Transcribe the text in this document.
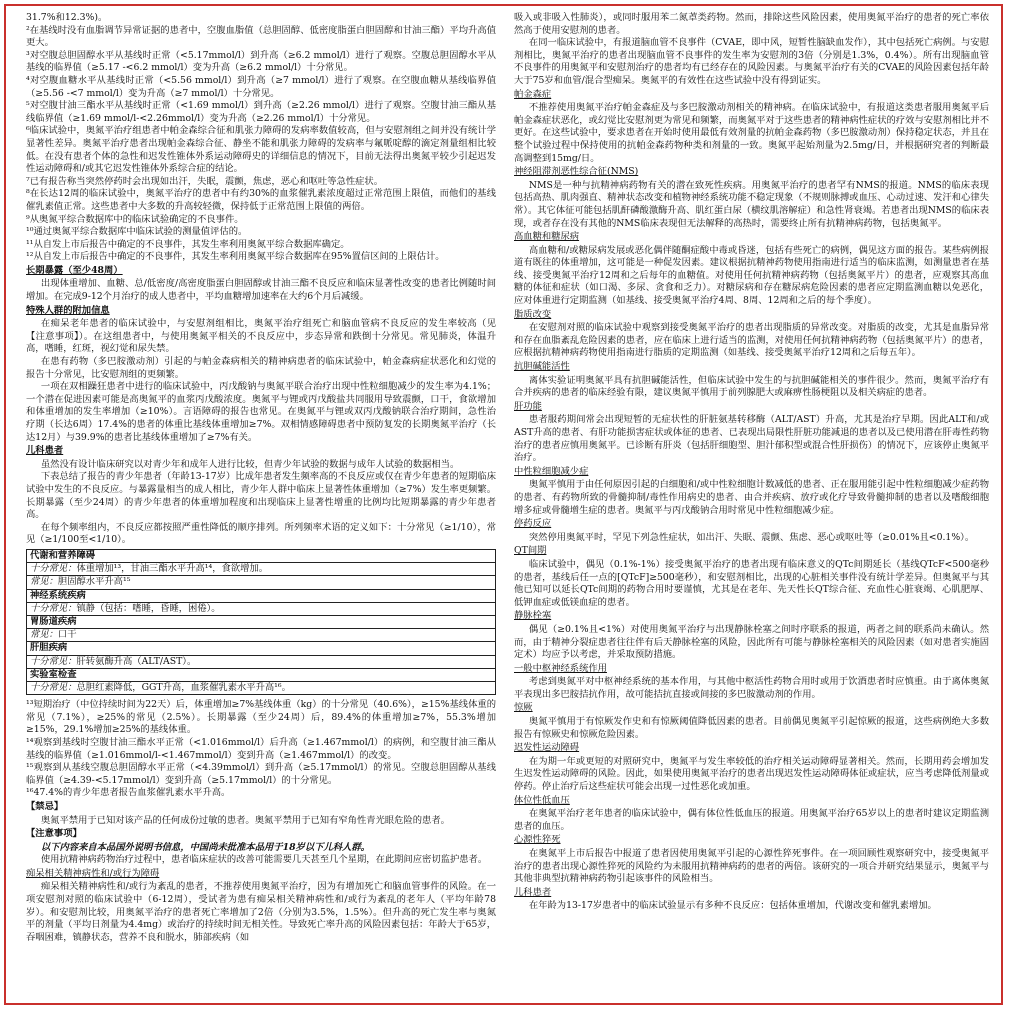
31.7%和12.3%)。

²在基线时没有血脂调节异常证据的患者中，空腹血脂值（总胆固醇、低密度脂蛋白胆固醇和甘油三酯）平均升高值更大。

³对空腹总胆固醇水平从基线时正常（<5.17mmol/l）到升高（≥6.2 mmol/l）进行了观察。空腹总胆固醇水平从基线的临界值（≥5.17 -<6.2 mmol/l）变为升高（≥6.2 mmol/l）十分常见。

⁴对空腹血糖水平从基线时正常（<5.56 mmol/l）到升高（≥7 mmol/l）进行了观察。在空腹血糖从基线临界值（≥5.56 -<7 mmol/l）变为升高（≥7 mmol/l）十分常见。

⁵对空腹甘油三酯水平从基线时正常（<1.69 mmol/l）到升高（≥2.26 mmol/l）进行了观察。空腹甘油三酯从基线临界值（≥1.69 mmol/l-<2.26mmol/l）变为升高（≥2.26 mmol/l）十分常见。

⁶临床试验中，奥氮平治疗组患者中帕金森综合征和肌张力障碍的发病率数值较高，但与安慰剂组之间并没有统计学显著性差异。奥氮平治疗患者出现帕金森综合征、静坐不能和肌张力障碍的发病率与氟哌啶醇的滴定剂量组相比较低。在没有患者个体的急性和迟发性锥体外系运动障碍史的详细信息的情况下，目前无法得出奥氮平较少引起迟发性运动障碍和/或其它迟发性锥体外系综合症的结论。

⁷已有报告称当突然停药时会出现如出汗，失眠，震颤，焦虑，恶心和呕吐等急性症状。

⁸在长达12周的临床试验中，奥氮平治疗的患者中有约30%的血浆催乳素浓度超过正常范围上限值，而他们的基线催乳素值正常。这些患者中大多数的升高较轻微，保持低于正常范围上限值的两倍。

⁹从奥氮平综合数据库中的临床试验确定的不良事件。

¹⁰通过奥氮平综合数据库中临床试验的测量值评估的。

¹¹从自发上市后报告中确定的不良事件，其发生率利用奥氮平综合数据库确定。

¹²从自发上市后报告中确定的不良事件，其发生率利用奥氮平综合数据库在95%置信区间的上限估计。

长期暴露（至少48周）

出现体重增加、血糖、总/低密度/高密度脂蛋白胆固醇或甘油三酯不良反应和临床显著性改变的患者比例随时间增加。在完成9-12个月治疗的成人患者中，平均血糖增加速率在大约6个月后减缓。

特殊人群的附加信息

在痴呆老年患者的临床试验中，与安慰剂组相比，奥氮平治疗组死亡和脑血管病不良反应的发生率较高（见【注意事项】）。在这组患者中，与使用奥氮平相关的不良反应中，步态异常和跌倒十分常见。常见肺炎，体温升高，嗜睡，红斑，视幻觉和尿失禁。

在患有药物（多巴胺激动剂）引起的与帕金森病相关的精神病患者的临床试验中，帕金森病症状恶化和幻觉的报告十分常见，比安慰剂组的更频繁。

一项在双相躁狂患者中进行的临床试验中，丙戊酸钠与奥氮平联合治疗出现中性粒细胞减少的发生率为4.1%；一个潜在促进因素可能是高奥氮平的血浆丙戊酸浓度。奥氮平与锂或丙戊酸盐共同服用导致震颤，口干，食欲增加和体重增加的发生率增加（≥10%）。言语障碍的报告也常见。在奥氮平与锂或双丙戊酸钠联合治疗期间，急性治疗期（长达6周）17.4%的患者的体重比基线体重增加≥7%。双相情感障碍患者中预防复发的长期奥氮平治疗（长达12月）与39.9%的患者比基线体重增加了≥7%有关。

儿科患者

虽然没有设计临床研究以对青少年和成年人进行比较，但青少年试验的数据与成年人试验的数据相当。

下表总结了报告的青少年患者（年龄13-17岁）比成年患者发生频率高的不良反应或仅在青少年患者的短期临床试验中发生的不良反应。与暴露量相当的成人相比，青少年人群中临床上显著性体重增加（≥7%）发生率更频繁。长期暴露（至少24周）的青少年患者的体重增加程度和出现临床上显著性增重的比例均比短期暴露的青少年患者高。

在每个频率组内，不良反应都按照严重性降低的顺序排列。所列频率术语的定义如下：十分常见（≥1/10），常见（≥1/100至<1/10）。

代谢和营养障碍
十分常见：体重增加¹³，甘油三酯水平升高¹⁴，食欲增加。
常见：胆固醇水平升高¹⁵
神经系统疾病
十分常见：镇静（包括：嗜睡，昏睡，困倦）。
胃肠道疾病
常见：口干
肝胆疾病
十分常见：肝转氨酶升高（ALT/AST）。
实验室检查
十分常见：总胆红素降低，GGT升高，血浆催乳素水平升高¹⁶。

¹³短期治疗（中位持续时间为22天）后，体重增加≥7%基线体重（kg）的十分常见（40.6%），≥15%基线体重的常见（7.1%），≥25%的常见（2.5%）。长期暴露（至少24周）后，89.4%的体重增加≥7%，55.3%增加≥15%，29.1%增加≥25%的基线体重。

¹⁴观察到基线时空腹甘油三酯水平正常（<1.016mmol/l）后升高（≥1.467mmol/l）的病例，和空腹甘油三酯从基线的临界值（≥1.016mmol/l-<1.467mmol/l）变到升高（≥1.467mmol/l）的改变。

¹⁵观察到从基线空腹总胆固醇水平正常（<4.39mmol/l）到升高（≥5.17mmol/l）的常见。空腹总胆固醇从基线临界值（≥4.39-<5.17mmol/l）变到升高（≥5.17mmol/l）的十分常见。

¹⁶47.4%的青少年患者报告血浆催乳素水平升高。

【禁忌】

奥氮平禁用于已知对该产品的任何成份过敏的患者。奥氮平禁用于已知有窄角性青光眼危险的患者。

【注意事项】

以下内容来自本品国外说明书信息，中国尚未批准本品用于18岁以下儿科人群。

使用抗精神病药物治疗过程中，患者临床症状的改善可能需要几天甚至几个星期，在此期间应密切监护患者。

痴呆相关精神病性和/或行为障碍

痴呆相关精神病性和/或行为紊乱的患者，不推荐使用奥氮平治疗，因为有增加死亡和脑血管事件的风险。在一项安慰剂对照的临床试验中（6-12周），受试者为患有痴呆相关精神病性和/或行为紊乱的老年人（平均年龄78岁）。和安慰剂比较，用奥氮平治疗的患者死亡率增加了2倍（分别为3.5%，1.5%）。但升高的死亡发生率与奥氮平的剂量（平均日剂量为4.4mg）或治疗的持续时间无相关性。导致死亡率升高的风险因素包括：年龄大于65岁，吞咽困难，镇静状态，营养不良和脱水，肺部疾病（如

吸入或非吸入性肺炎），或同时服用苯二氮䓬类药物。然而，排除这些风险因素，使用奥氮平治疗的患者的死亡率依然高于使用安慰剂的患者。

在同一临床试验中，有报道脑血管不良事件（CVAE，即中风，短暂性脑缺血发作），其中包括死亡病例。与安慰剂相比，奥氮平治疗的患者出现脑血管不良事件的发生率为安慰剂的3倍（分别是1.3%，0.4%）。所有出现脑血管不良事件的用奥氮平和安慰剂治疗的患者均有已经存在的风险因素。与奥氮平治疗有关的CVAE的风险因素包括年龄大于75岁和血管/混合型痴呆。奥氮平的有效性在这些试验中没有得到证实。

帕金森症

不推荐使用奥氮平治疗帕金森症及与多巴胺激动剂相关的精神病。在临床试验中，有报道这类患者服用奥氮平后帕金森症状恶化，或幻觉比安慰剂更为常见和频繁，而奥氮平对于这些患者的精神病性症状的疗效与安慰剂相比并不更好。在这些试验中，要求患者在开始时使用最低有效剂量的抗帕金森药物（多巴胺激动剂）保持稳定状态，并且在整个试验过程中保持使用的抗帕金森药物种类和剂量的一致。奥氮平起始剂量为2.5mg/日，并根据研究者的判断最高调整到15mg/日。

神经阻滞剂恶性综合征(NMS)

NMS是一种与抗精神病药物有关的潜在致死性疾病。用奥氮平治疗的患者罕有NMS的报道。NMS的临床表现包括高热、肌肉强直、精神状态改变和植物神经系统功能不稳定现象（不规则脉搏或血压、心动过速、发汗和心律失常）。其它体征可能包括肌酐磷酸激酶升高、肌红蛋白尿（横纹肌溶解症）和急性肾衰竭。若患者出现NMS的临床表现，或者存在没有其他的NMS临床表现但无法解释的高热时，需要终止所有抗精神病药物，包括奥氮平。

高血糖和糖尿病

高血糖和/或糖尿病发展或恶化偶伴随酮症酸中毒或昏迷，包括有些死亡的病例，偶见这方面的报告。某些病例报道有既往的体重增加，这可能是一种促发因素。建议根据抗精神药物使用指南进行适当的临床监测，如测量患者在基线、接受奥氮平治疗12周和之后每年的血糖值。对使用任何抗精神病药物（包括奥氮平片）的患者，应观察其高血糖的体征和症状（如口渴、多尿、贪食和乏力）。对糖尿病和存在糖尿病危险因素的患者应定期监测血糖以免恶化，应对体重进行定期监测（如基线、接受奥氮平治疗4周、8周、12周和之后的每个季度）。

脂质改变

在安慰剂对照的临床试验中观察到接受奥氮平治疗的患者出现脂质的异常改变。对脂质的改变，尤其是血脂异常和存在血脂紊乱危险因素的患者，应在临床上进行适当的监测，对使用任何抗精神病药物（包括奥氮平片）的患者，应根据抗精神病药物使用指南进行脂质的定期监测（如基线、接受奥氮平治疗12周和之后每五年）。

抗胆碱能活性

离体实验证明奥氮平具有抗胆碱能活性，但临床试验中发生的与抗胆碱能相关的事件很少。然而，奥氮平治疗有合并疾病的患者的临床经验有限，建议奥氮平慎用于前列腺肥大或麻痹性肠梗阻以及相关病症的患者。

肝功能

患者服药期间常会出现短暂的无症状性的肝脏氨基转移酶（ALT/AST）升高，尤其是治疗早期。因此ALT和/或AST升高的患者、有肝功能损害症状或体征的患者、已表现出局限性肝脏功能减退的患者以及已使用潜在肝毒性药物治疗的患者应慎用奥氮平。已诊断有肝炎（包括肝细胞型、胆汁郁积型或混合性肝损伤）的情况下，应该停止奥氮平治疗。

中性粒细胞减少症

奥氮平慎用于由任何原因引起的白细胞和/或中性粒细胞计数减低的患者、正在服用能引起中性粒细胞减少症药物的患者、有药物所致的骨髓抑制/毒性作用病史的患者、由合并疾病、放疗或化疗导致骨髓抑制的患者以及嗜酸细胞增多症或骨髓增生症的患者。奥氮平与丙戊酸钠合用时常见中性粒细胞减少症。

停药反应

突然停用奥氮平时，罕见下列急性症状，如出汗、失眠、震颤、焦虑、恶心或呕吐等（≥0.01%且<0.1%）。

QT间期

临床试验中，偶见（0.1%-1%）接受奥氮平治疗的患者出现有临床意义的QTc间期延长（基线QTcF<500毫秒的患者，基线后任一点的[QTcF]≥500毫秒），和安慰剂相比，出现的心脏相关事件没有统计学差异。但奥氮平与其他已知可以延长QTc间期的药物合用时要谨慎，尤其是在老年、先天性长QT综合征、充血性心脏衰竭、心肌肥厚、低钾血症或低镁血症的患者。

静脉栓塞

偶见（≥0.1%且<1%）对使用奥氮平治疗与出现静脉栓塞之间时序联系的报道，两者之间的联系尚未确认。然而，由于精神分裂症患者往往伴有后天静脉栓塞的风险，因此所有可能与静脉栓塞相关的风险因素（如对患者实施固定术）均应予以考虑，并采取预防措施。

一般中枢神经系统作用

考虑到奥氮平对中枢神经系统的基本作用，与其他中枢活性药物合用时或用于饮酒患者时应慎重。由于离体奥氮平表现出多巴胺拮抗作用，故可能拮抗直接或间接的多巴胺激动剂的作用。

惊厥

奥氮平慎用于有惊厥发作史和有惊厥阈值降低因素的患者。目前偶见奥氮平引起惊厥的报道，这些病例绝大多数报告有惊厥史和惊厥危险因素。

迟发性运动障碍

在为期一年或更短的对照研究中，奥氮平与发生率较低的治疗相关运动障碍显著相关。然而，长期用药会增加发生迟发性运动障碍的风险。因此，如果使用奥氮平治疗的患者出现迟发性运动障碍体征或症状，应当考虑降低剂量或停药。停止治疗后这些症状可能会出现一过性恶化或加重。

体位性低血压

在奥氮平治疗老年患者的临床试验中，偶有体位性低血压的报道。用奥氮平治疗65岁以上的患者时建议定期监测患者的血压。

心源性猝死

在奥氮平上市后报告中报道了患者因使用奥氮平引起的心源性猝死事件。在一项回顾性观察研究中，接受奥氮平治疗的患者出现心源性猝死的风险约为未服用抗精神病药的患者的两倍。该研究的一项合并研究结果显示，奥氮平与其他非典型抗精神病药物引起该事件的风险相当。

儿科患者

在年龄为13-17岁患者中的临床试验显示有多种不良反应：包括体重增加，代谢改变和催乳素增加。
